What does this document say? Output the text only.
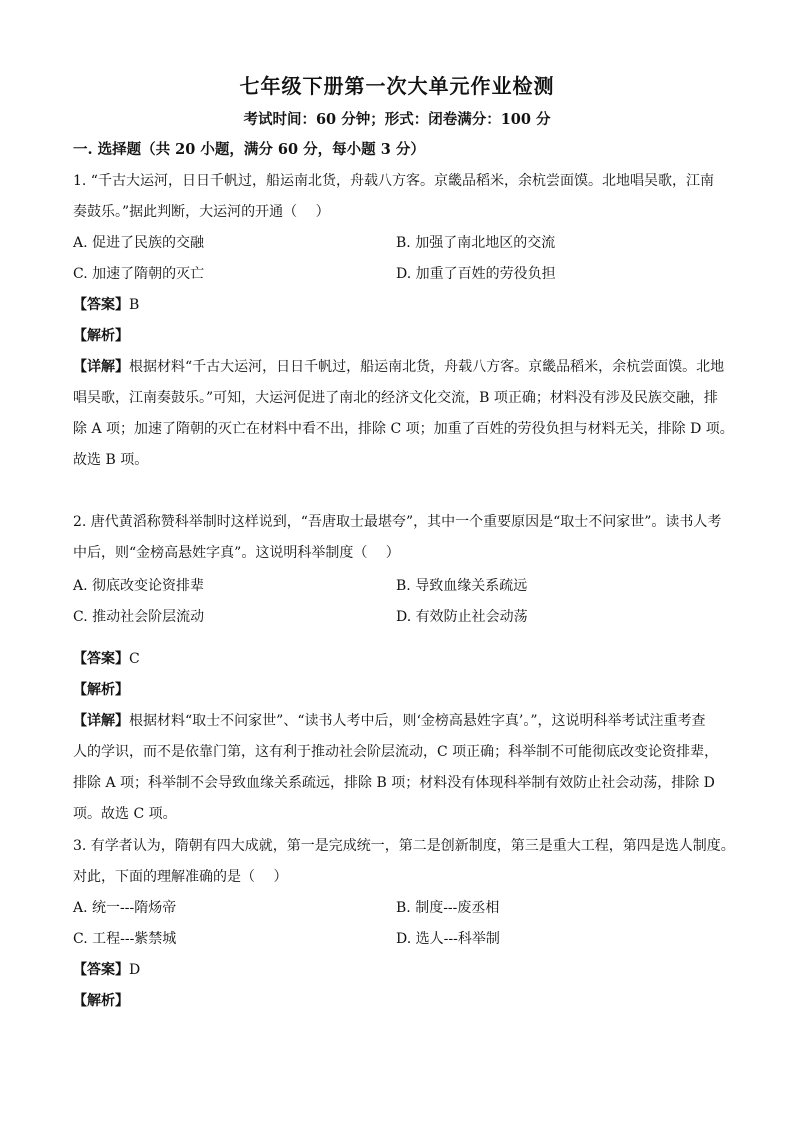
七年级下册第一次大单元作业检测
考试时间：60 分钟；形式：闭卷满分：100 分
一. 选择题（共 20 小题，满分 60 分，每小题 3 分）
1. “千古大运河，日日千帆过，船运南北货，舟载八方客。京畿品稻米，余杭尝面馍。北地唱吴歌，江南
奏鼓乐。”据此判断，大运河的开通（　 ）
A. 促进了民族的交融	B. 加强了南北地区的交流
C. 加速了隋朝的灭亡	D. 加重了百姓的劳役负担
【答案】B
【解析】
【详解】根据材料“千古大运河，日日千帆过，船运南北货，舟载八方客。京畿品稻米，余杭尝面馍。北地
唱吴歌，江南奏鼓乐。”可知，大运河促进了南北的经济文化交流，B 项正确；材料没有涉及民族交融，排
除 A 项；加速了隋朝的灭亡在材料中看不出，排除 C 项；加重了百姓的劳役负担与材料无关，排除 D 项。
故选 B 项。
2. 唐代黄滔称赞科举制时这样说到，“吾唐取士最堪夸”，其中一个重要原因是“取士不问家世”。读书人考
中后，则“金榜高悬姓字真”。这说明科举制度（　 ）
A. 彻底改变论资排辈	B. 导致血缘关系疏远
C. 推动社会阶层流动	D. 有效防止社会动荡
【答案】C
【解析】
【详解】根据材料“取士不问家世”、“读书人考中后，则‘金榜高悬姓字真’。”，这说明科举考试注重考查
人的学识，而不是依靠门第，这有利于推动社会阶层流动，C 项正确；科举制不可能彻底改变论资排辈，
排除 A 项；科举制不会导致血缘关系疏远，排除 B 项；材料没有体现科举制有效防止社会动荡，排除 D
项。故选 C 项。
3. 有学者认为，隋朝有四大成就，第一是完成统一，第二是创新制度，第三是重大工程，第四是选人制度。
对此，下面的理解准确的是（　 ）
A. 统一---隋炀帝	B. 制度---废丞相
C. 工程---紫禁城	D. 选人---科举制
【答案】D
【解析】
